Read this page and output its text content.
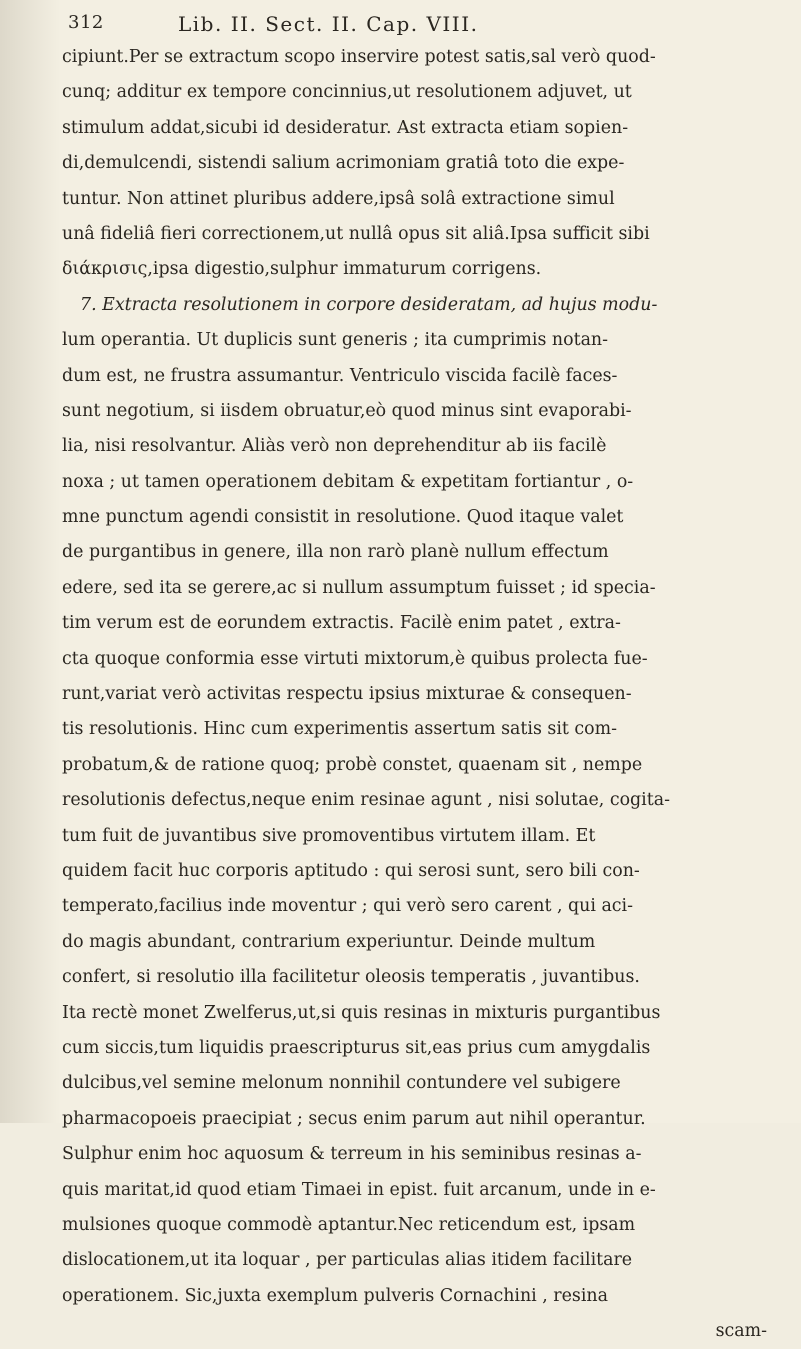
312	Lib. II. Sect. II. Cap. VIII.
cipiunt.Per se extractum scopo inservire potest satis,sal verò quod-
cunq; additur ex tempore concinnius,ut resolutionem adjuvet, ut
stimulum addat,sicubi id desideratur. Ast extracta etiam sopien-
di,demulcendi, sistendi salium acrimoniam gratiâ toto die expe-
tuntur. Non attinet pluribus addere,ipsâ solâ extractione simul
unâ fideliâ fieri correctionem,ut nullâ opus sit aliâ.Ipsa sufficit sibi
διάκρισις,ipsa digestio,sulphur immaturum corrigens.
7. Extracta resolutionem in corpore desideratam, ad hujus modu-
lum operantia. Ut duplicis sunt generis ; ita cumprimis notan-
dum est, ne frustra assumantur. Ventriculo viscida facilè faces-
sunt negotium, si iisdem obruatur,eò quod minus sint evaporabi-
lia, nisi resolvantur. Aliàs verò non deprehenditur ab iis facilè
noxa ; ut tamen operationem debitam & expetitam fortiantur , o-
mne punctum agendi consistit in resolutione. Quod itaque valet
de purgantibus in genere, illa non rarò planè nullum effectum
edere, sed ita se gerere,ac si nullum assumptum fuisset ; id specia-
tim verum est de eorundem extractis. Facilè enim patet , extra-
cta quoque conformia esse virtuti mixtorum,è quibus prolecta fue-
runt,variat verò activitas respectu ipsius mixturae & consequen-
tis resolutionis. Hinc cum experimentis assertum satis sit com-
probatum,& de ratione quoq; probè constet, quaenam sit , nempe
resolutionis defectus,neque enim resinae agunt , nisi solutae, cogita-
tum fuit de juvantibus sive promoventibus virtutem illam. Et
quidem facit huc corporis aptitudo : qui serosi sunt, sero bili con-
temperato,facilius inde moventur ; qui verò sero carent , qui aci-
do magis abundant, contrarium experiuntur. Deinde multum
confert, si resolutio illa facilitetur oleosis temperatis , juvantibus.
Ita rectè monet Zwelferus,ut,si quis resinas in mixturis purgantibus
cum siccis,tum liquidis praescripturus sit,eas prius cum amygdalis
dulcibus,vel semine melonum nonnihil contundere vel subigere
pharmacopoeis praecipiat ; secus enim parum aut nihil operantur.
Sulphur enim hoc aquosum & terreum in his seminibus resinas a-
quis maritat,id quod etiam Timaei in epist. fuit arcanum, unde in e-
mulsiones quoque commodè aptantur.Nec reticendum est, ipsam
dislocationem,ut ita loquar , per particulas alias itidem facilitare
operationem. Sic,juxta exemplum pulveris Cornachini , resina
scam-
